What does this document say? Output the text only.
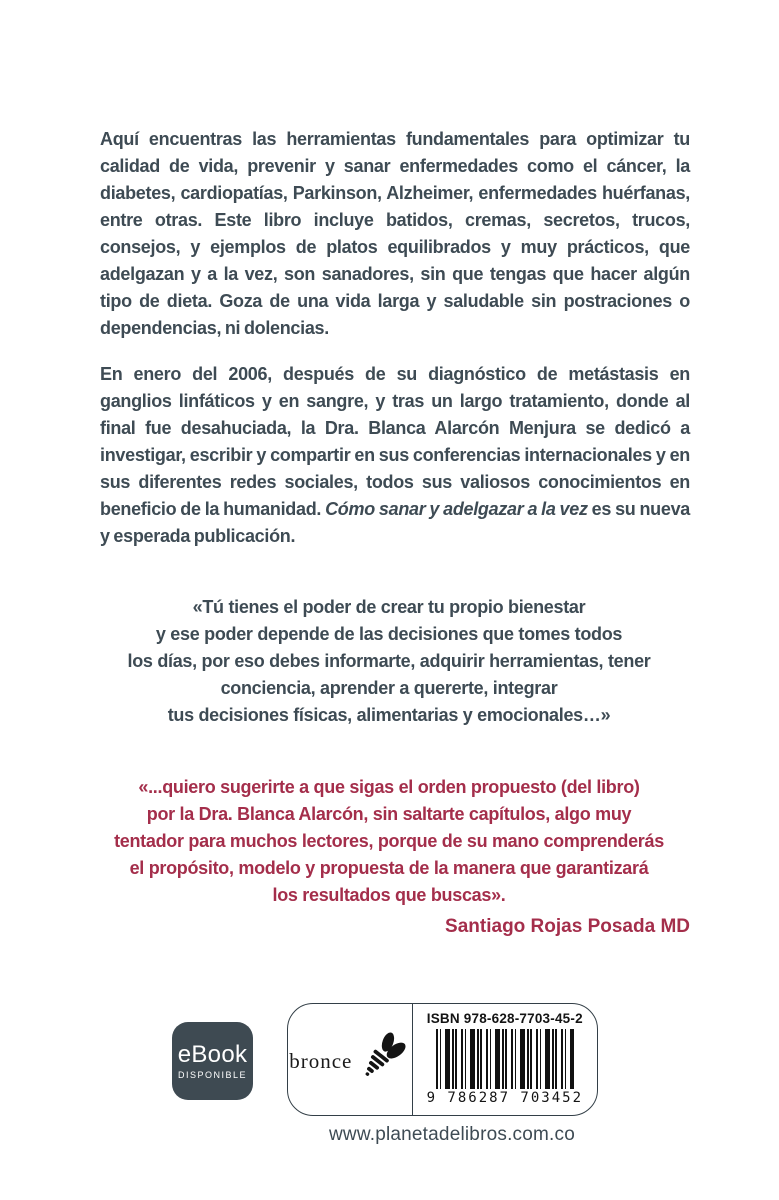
Aquí encuentras las herramientas fundamentales para optimizar tu calidad de vida, prevenir y sanar enfermedades como el cáncer, la diabetes, cardiopatías, Parkinson, Alzheimer, enfermedades huérfanas, entre otras. Este libro incluye batidos, cremas, secretos, trucos, consejos, y ejemplos de platos equilibrados y muy prácticos, que adelgazan y a la vez, son sanadores, sin que tengas que hacer algún tipo de dieta. Goza de una vida larga y saludable sin postraciones o dependencias, ni dolencias.

En enero del 2006, después de su diagnóstico de metástasis en ganglios linfáticos y en sangre, y tras un largo tratamiento, donde al final fue desahuciada, la Dra. Blanca Alarcón Menjura se dedicó a investigar, escribir y compartir en sus conferencias internacionales y en sus diferentes redes sociales, todos sus valiosos conocimientos en beneficio de la humanidad. Cómo sanar y adelgazar a la vez es su nueva y esperada publicación.

«Tú tienes el poder de crear tu propio bienestar
y ese poder depende de las decisiones que tomes todos
los días, por eso debes informarte, adquirir herramientas, tener
conciencia, aprender a quererte, integrar
tus decisiones físicas, alimentarias y emocionales…»
«...quiero sugerirte a que sigas el orden propuesto (del libro)
por la Dra. Blanca Alarcón, sin saltarte capítulos, algo muy
tentador para muchos lectores, porque de su mano comprenderás
el propósito, modelo y propuesta de la manera que garantizará
los resultados que buscas».
Santiago Rojas Posada MD
eBook
DISPONIBLE
bronce
ISBN 978-628-7703-45-2
9 786287 703452
www.planetadelibros.com.co
